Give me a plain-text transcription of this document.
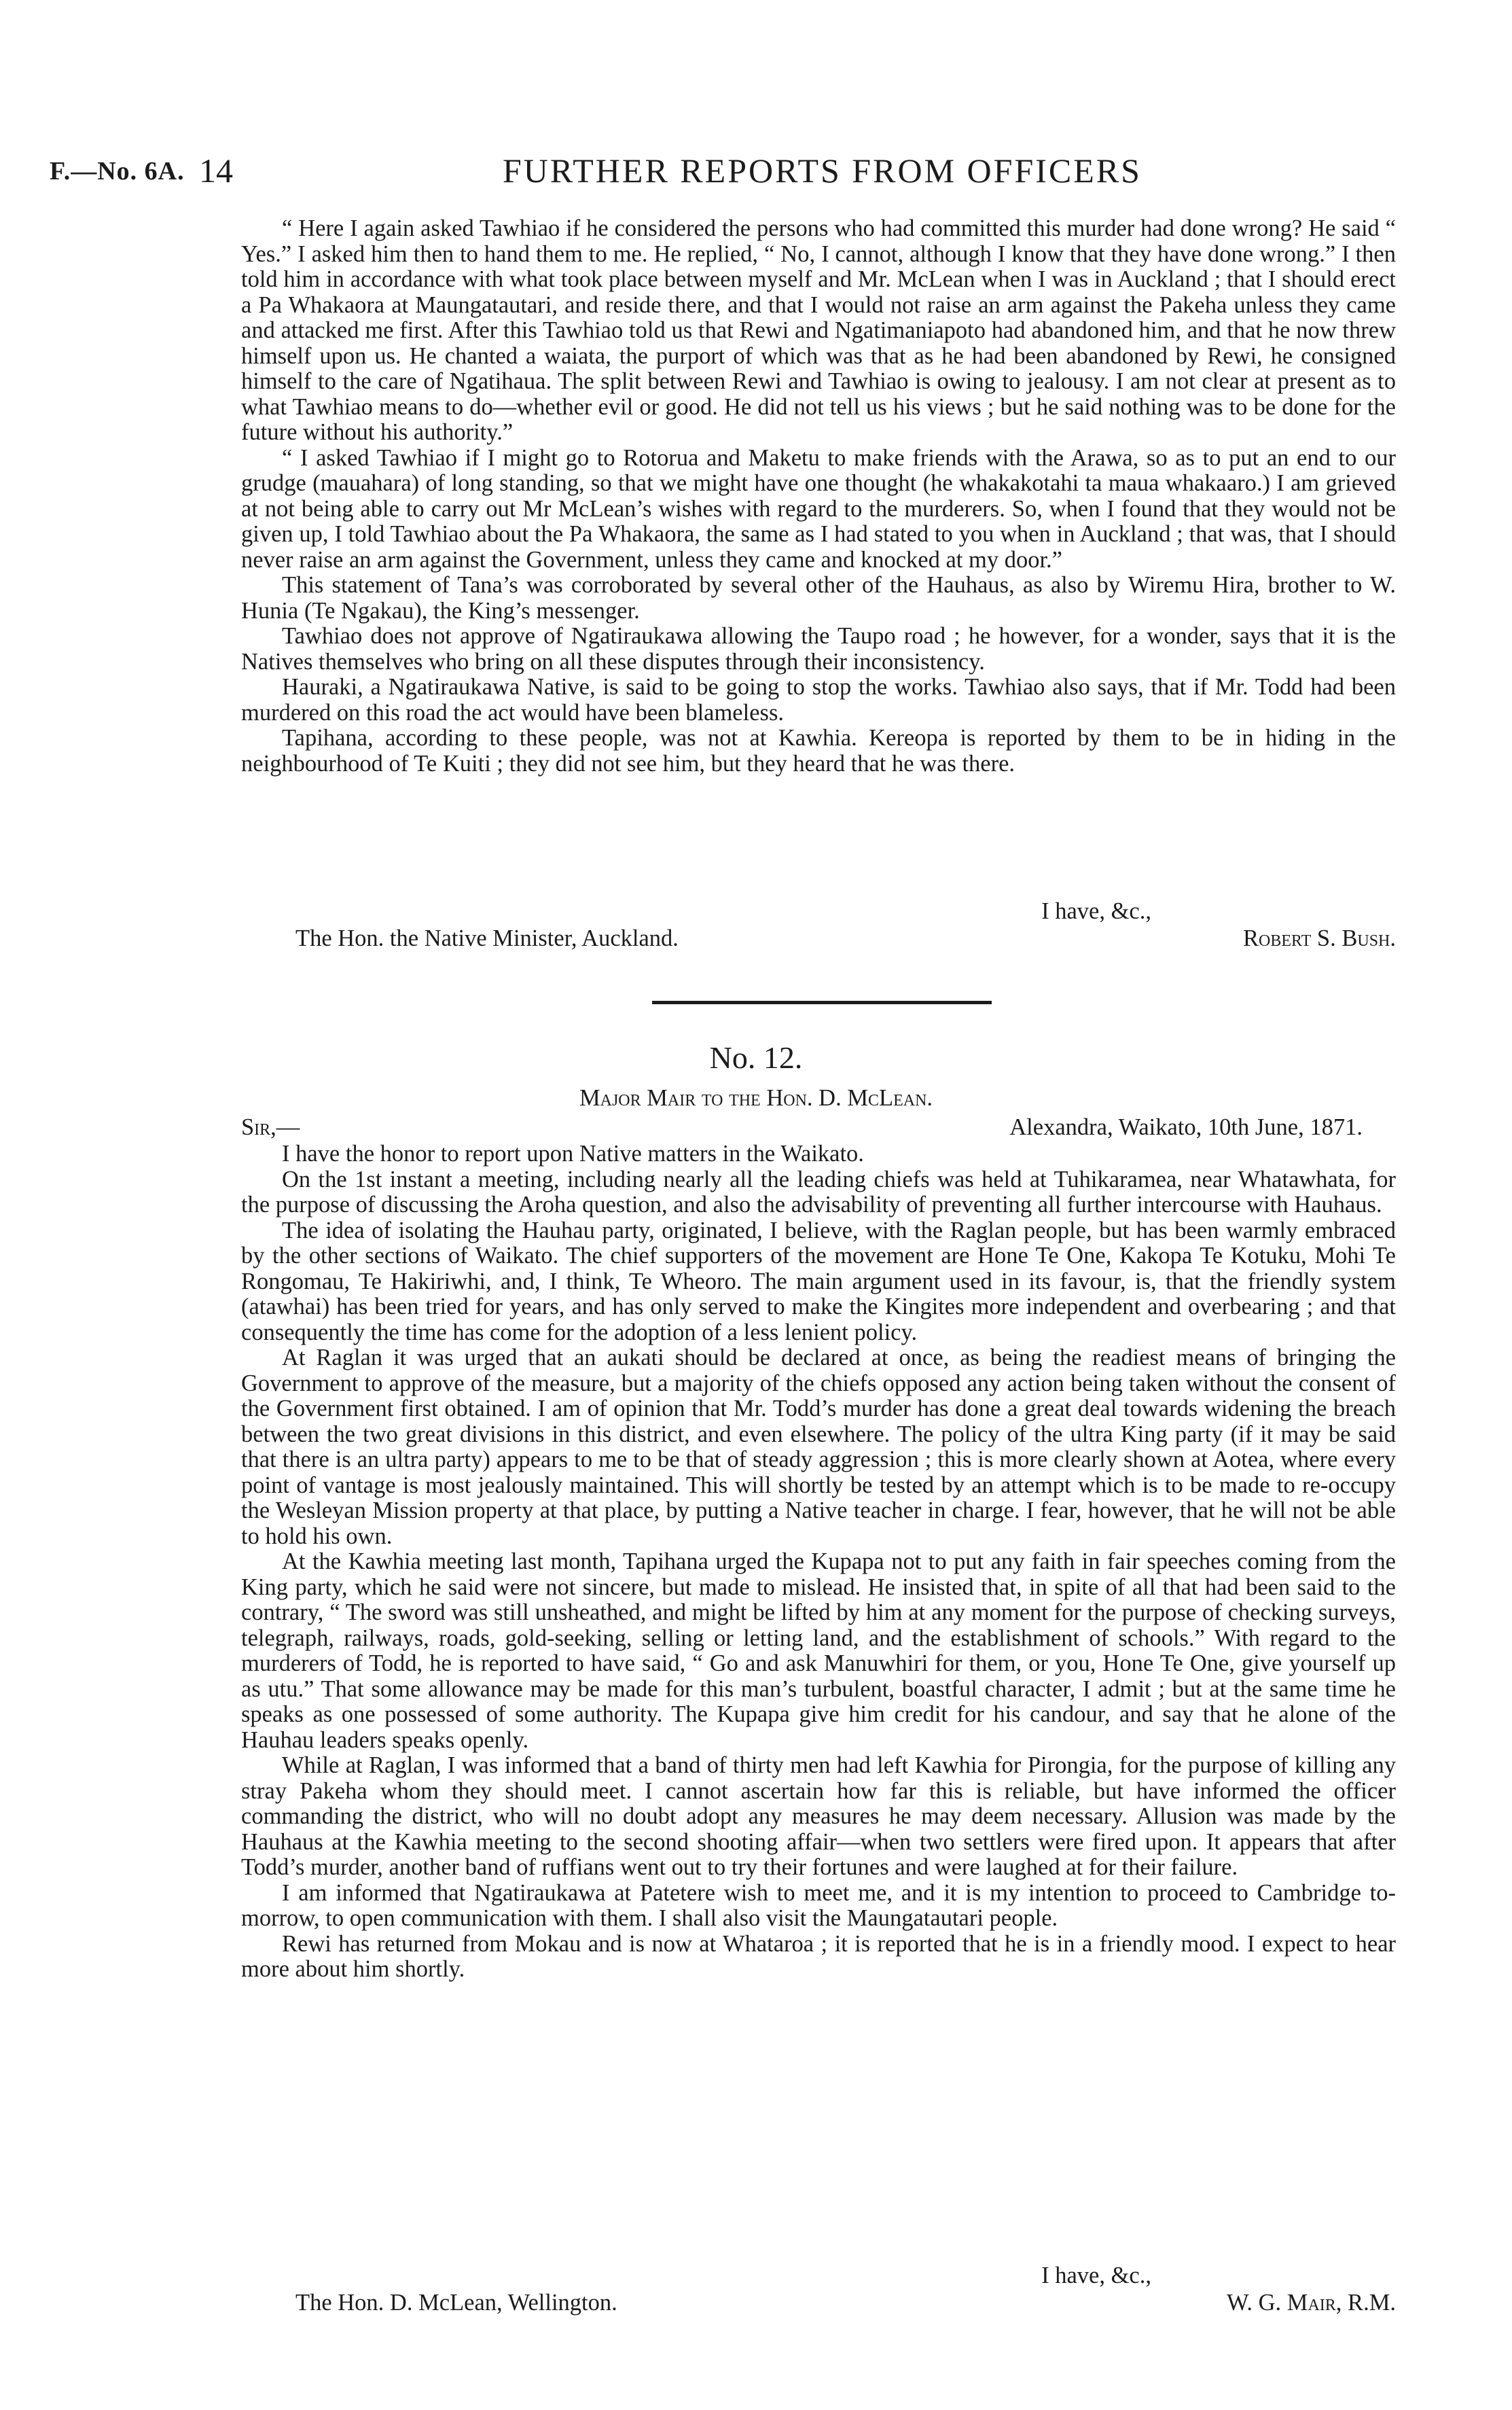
F.—No. 6A. 14	FURTHER REPORTS FROM OFFICERS

“ Here I again asked Tawhiao if he considered the persons who had committed this murder had done wrong? He said “ Yes.” I asked him then to hand them to me. He replied, “ No, I cannot, although I know that they have done wrong.” I then told him in accordance with what took place between myself and Mr. McLean when I was in Auckland ; that I should erect a Pa Whakaora at Maungatautari, and reside there, and that I would not raise an arm against the Pakeha unless they came and attacked me first. After this Tawhiao told us that Rewi and Ngatimaniapoto had abandoned him, and that he now threw himself upon us. He chanted a waiata, the purport of which was that as he had been abandoned by Rewi, he consigned himself to the care of Ngatihaua. The split between Rewi and Tawhiao is owing to jealousy. I am not clear at present as to what Tawhiao means to do—whether evil or good. He did not tell us his views ; but he said nothing was to be done for the future without his authority.”

“ I asked Tawhiao if I might go to Rotorua and Maketu to make friends with the Arawa, so as to put an end to our grudge (mauahara) of long standing, so that we might have one thought (he whakakotahi ta maua whakaaro.) I am grieved at not being able to carry out Mr McLean’s wishes with regard to the murderers. So, when I found that they would not be given up, I told Tawhiao about the Pa Whakaora, the same as I had stated to you when in Auckland ; that was, that I should never raise an arm against the Government, unless they came and knocked at my door.”

This statement of Tana’s was corroborated by several other of the Hauhaus, as also by Wiremu Hira, brother to W. Hunia (Te Ngakau), the King’s messenger.

Tawhiao does not approve of Ngatiraukawa allowing the Taupo road ; he however, for a wonder, says that it is the Natives themselves who bring on all these disputes through their inconsistency.

Hauraki, a Ngatiraukawa Native, is said to be going to stop the works. Tawhiao also says, that if Mr. Todd had been murdered on this road the act would have been blameless.

Tapihana, according to these people, was not at Kawhia. Kereopa is reported by them to be in hiding in the neighbourhood of Te Kuiti ; they did not see him, but they heard that he was there.

I have, &c.,
The Hon. the Native Minister, Auckland.	Robert S. Bush.
No. 12.
Major Mair to the Hon. D. McLean.
Sir,—	Alexandra, Waikato, 10th June, 1871.

I have the honor to report upon Native matters in the Waikato.

On the 1st instant a meeting, including nearly all the leading chiefs was held at Tuhikaramea, near Whatawhata, for the purpose of discussing the Aroha question, and also the advisability of preventing all further intercourse with Hauhaus.

The idea of isolating the Hauhau party, originated, I believe, with the Raglan people, but has been warmly embraced by the other sections of Waikato. The chief supporters of the movement are Hone Te One, Kakopa Te Kotuku, Mohi Te Rongomau, Te Hakiriwhi, and, I think, Te Wheoro. The main argument used in its favour, is, that the friendly system (atawhai) has been tried for years, and has only served to make the Kingites more independent and overbearing ; and that consequently the time has come for the adoption of a less lenient policy.

At Raglan it was urged that an aukati should be declared at once, as being the readiest means of bringing the Government to approve of the measure, but a majority of the chiefs opposed any action being taken without the consent of the Government first obtained. I am of opinion that Mr. Todd’s murder has done a great deal towards widening the breach between the two great divisions in this district, and even elsewhere. The policy of the ultra King party (if it may be said that there is an ultra party) appears to me to be that of steady aggression ; this is more clearly shown at Aotea, where every point of vantage is most jealously maintained. This will shortly be tested by an attempt which is to be made to re-occupy the Wesleyan Mission property at that place, by putting a Native teacher in charge. I fear, however, that he will not be able to hold his own.

At the Kawhia meeting last month, Tapihana urged the Kupapa not to put any faith in fair speeches coming from the King party, which he said were not sincere, but made to mislead. He insisted that, in spite of all that had been said to the contrary, “ The sword was still unsheathed, and might be lifted by him at any moment for the purpose of checking surveys, telegraph, railways, roads, gold-seeking, selling or letting land, and the establishment of schools.” With regard to the murderers of Todd, he is reported to have said, “ Go and ask Manuwhiri for them, or you, Hone Te One, give yourself up as utu.” That some allowance may be made for this man’s turbulent, boastful character, I admit ; but at the same time he speaks as one possessed of some authority. The Kupapa give him credit for his candour, and say that he alone of the Hauhau leaders speaks openly.

While at Raglan, I was informed that a band of thirty men had left Kawhia for Pirongia, for the purpose of killing any stray Pakeha whom they should meet. I cannot ascertain how far this is reliable, but have informed the officer commanding the district, who will no doubt adopt any measures he may deem necessary. Allusion was made by the Hauhaus at the Kawhia meeting to the second shooting affair—when two settlers were fired upon. It appears that after Todd’s murder, another band of ruffians went out to try their fortunes and were laughed at for their failure.

I am informed that Ngatiraukawa at Patetere wish to meet me, and it is my intention to proceed to Cambridge to-morrow, to open communication with them. I shall also visit the Maungatautari people.

Rewi has returned from Mokau and is now at Whataroa ; it is reported that he is in a friendly mood. I expect to hear more about him shortly.

I have, &c.,
The Hon. D. McLean, Wellington.	W. G. Mair, R.M.
